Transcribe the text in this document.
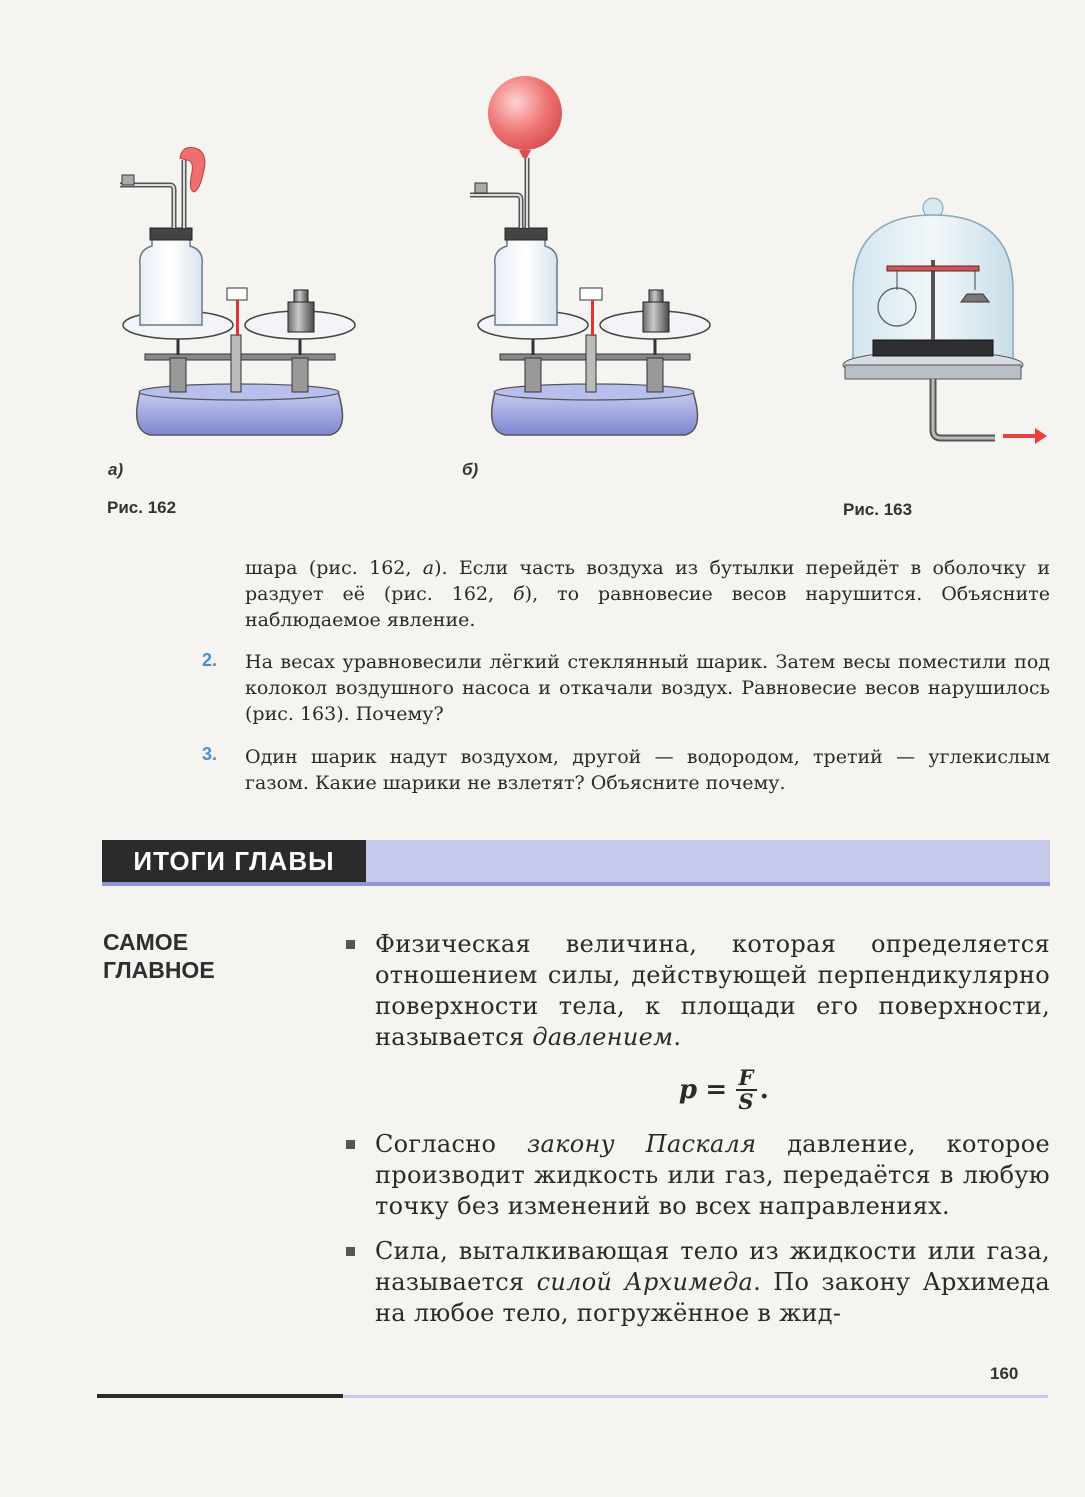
а)	б)
Рис. 162	Рис. 163

шара (рис. 162, а). Если часть воздуха из бутылки перейдёт в оболочку и раздует её (рис. 162, б), то равновесие весов нарушится. Объясните наблюдаемое явление.

2. На весах уравновесили лёгкий стеклянный шарик. Затем весы поместили под колокол воздушного насоса и откачали воздух. Равновесие весов нарушилось (рис. 163). Почему?
3. Один шарик надут воздухом, другой — водородом, третий — углекислым газом. Какие шарики не взлетят? Объясните почему.
ИТОГИ ГЛАВЫ
САМОЕ
ГЛАВНОЕ
Физическая величина, которая определяется отношением силы, действующей перпендикулярно поверхности тела, к площади его поверхности, называется давлением.
$p = \frac{F}{S}$ .
Согласно закону Паскаля давление, которое производит жидкость или газ, передаётся в любую точку без изменений во всех направлениях.
Сила, выталкивающая тело из жидкости или газа, называется силой Архимеда. По закону Архимеда на любое тело, погружённое в жид-
160
